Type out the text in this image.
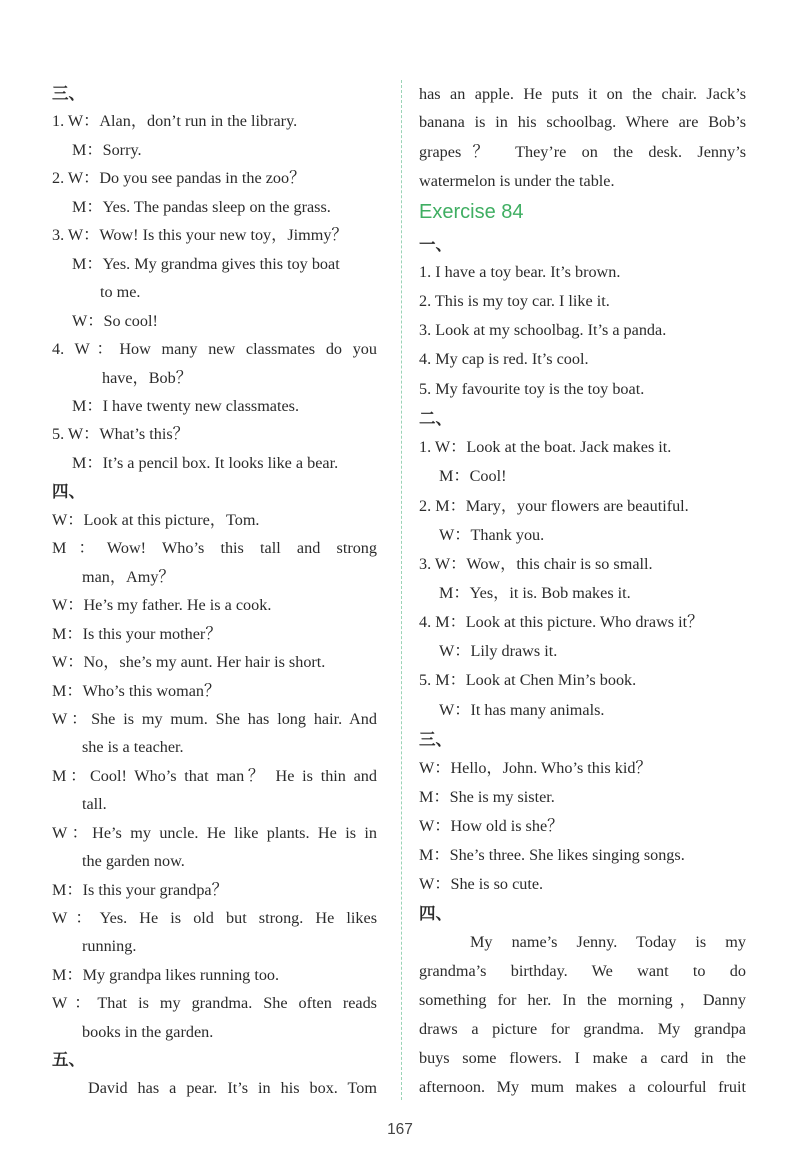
三、
1. W：Alan，don’t run in the library.
M：Sorry.
2. W：Do you see pandas in the zoo？
M：Yes. The pandas sleep on the grass.
3. W：Wow! Is this your new toy，Jimmy？
M：Yes. My grandma gives this toy boat
to me.
W：So cool!
4. W：How many new classmates do you
have，Bob？
M：I have twenty new classmates.
5. W：What’s this？
M：It’s a pencil box. It looks like a bear.
四、
W：Look at this picture，Tom.
M：Wow! Who’s this tall and strong
man，Amy？
W：He’s my father. He is a cook.
M：Is this your mother？
W：No，she’s my aunt. Her hair is short.
M：Who’s this woman？
W：She is my mum. She has long hair. And
she is a teacher.
M：Cool! Who’s that man？ He is thin and
tall.
W：He’s my uncle. He like plants. He is in
the garden now.
M：Is this your grandpa？
W：Yes. He is old but strong. He likes
running.
M：My grandpa likes running too.
W：That is my grandma. She often reads
books in the garden.
五、
David has a pear. It’s in his box. Tom
has an apple. He puts it on the chair. Jack’s
banana is in his schoolbag. Where are Bob’s
grapes？ They’re on the desk. Jenny’s
watermelon is under the table.
Exercise 84
一、
1. I have a toy bear. It’s brown.
2. This is my toy car. I like it.
3. Look at my schoolbag. It’s a panda.
4. My cap is red. It’s cool.
5. My favourite toy is the toy boat.
二、
1. W：Look at the boat. Jack makes it.
M：Cool!
2. M：Mary，your flowers are beautiful.
W：Thank you.
3. W：Wow，this chair is so small.
M：Yes，it is. Bob makes it.
4. M：Look at this picture. Who draws it？
W：Lily draws it.
5. M：Look at Chen Min’s book.
W：It has many animals.
三、
W：Hello，John. Who’s this kid？
M：She is my sister.
W：How old is she？
M：She’s three. She likes singing songs.
W：She is so cute.
四、
My name’s Jenny. Today is my
grandma’s birthday. We want to do
something for her. In the morning，Danny
draws a picture for grandma. My grandpa
buys some flowers. I make a card in the
afternoon. My mum makes a colourful fruit
167
